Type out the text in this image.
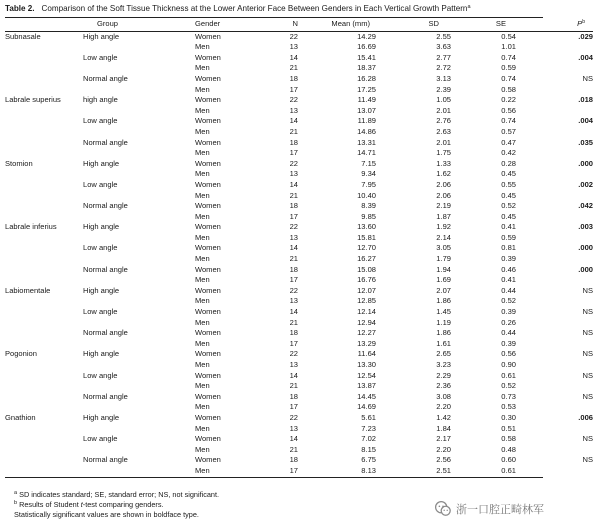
Table 2. Comparison of the Soft Tissue Thickness at the Lower Anterior Face Between Genders in Each Vertical Growth Pattern$^a$
	Group	Gender	N	Mean (mm)	SD	SE	$P^b$
Subnasale	High angle	Women	22	14.29	2.55	0.54	.029
		Men	13	16.69	3.63	1.01	
	Low angle	Women	14	15.41	2.77	0.74	.004
		Men	21	18.37	2.72	0.59	
	Normal angle	Women	18	16.28	3.13	0.74	NS
		Men	17	17.25	2.39	0.58	
Labrale superius	high angle	Women	22	11.49	1.05	0.22	.018
		Men	13	13.07	2.01	0.56	
	Low angle	Women	14	11.89	2.76	0.74	.004
		Men	21	14.86	2.63	0.57	
	Normal angle	Women	18	13.31	2.01	0.47	.035
		Men	17	14.71	1.75	0.42	
Stomion	High angle	Women	22	7.15	1.33	0.28	.000
		Men	13	9.34	1.62	0.45	
	Low angle	Women	14	7.95	2.06	0.55	.002
		Men	21	10.40	2.06	0.45	
	Normal angle	Women	18	8.39	2.19	0.52	.042
		Men	17	9.85	1.87	0.45	
Labrale inferius	High angle	Women	22	13.60	1.92	0.41	.003
		Men	13	15.81	2.14	0.59	
	Low angle	Women	14	12.70	3.05	0.81	.000
		Men	21	16.27	1.79	0.39	
	Normal angle	Women	18	15.08	1.94	0.46	.000
		Men	17	16.76	1.69	0.41	
Labiomentale	High angle	Women	22	12.07	2.07	0.44	NS
		Men	13	12.85	1.86	0.52	
	Low angle	Women	14	12.14	1.45	0.39	NS
		Men	21	12.94	1.19	0.26	
	Normal angle	Women	18	12.27	1.86	0.44	NS
		Men	17	13.29	1.61	0.39	
Pogonion	High angle	Women	22	11.64	2.65	0.56	NS
		Men	13	13.30	3.23	0.90	
	Low angle	Women	14	12.54	2.29	0.61	NS
		Men	21	13.87	2.36	0.52	
	Normal angle	Women	18	14.45	3.08	0.73	NS
		Men	17	14.69	2.20	0.53	
Gnathion	High angle	Women	22	5.61	1.42	0.30	.006
		Men	13	7.23	1.84	0.51	
	Low angle	Women	14	7.02	2.17	0.58	NS
		Men	21	8.15	2.20	0.48	
	Normal angle	Women	18	6.75	2.56	0.60	NS
		Men	17	8.13	2.51	0.61	
$^a$ SD indicates standard; SE, standard error; NS, not significant.
$^b$ Results of Student t-test comparing genders.
Statistically significant values are shown in boldface type.	浙一口腔正畸林军
